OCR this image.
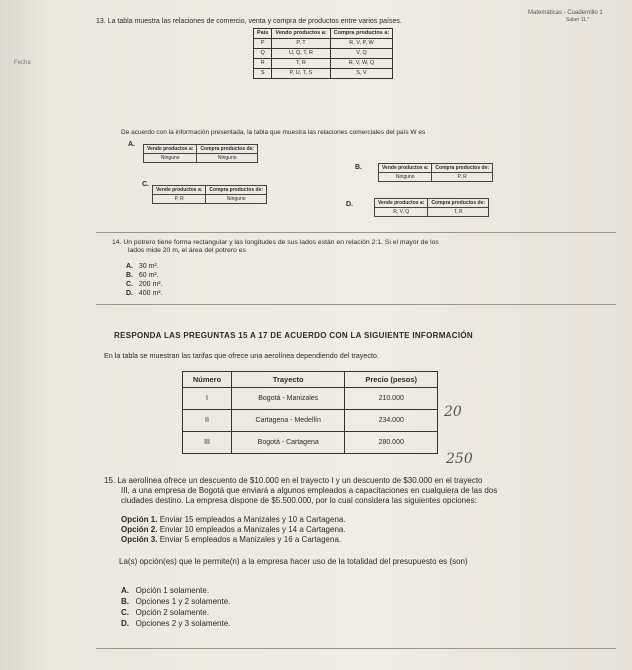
Matemáticas - Cuadernillo 1
Saber 11.°
Fecha
13. La tabla muestra las relaciones de comercio, venta y compra de productos entre varios países.
País	Vendo productos a:	Compra productos a:
P	P, T	R, V, P, W
Q	U, Q, T, R	V, Q
R	T, R	R, V, W, Q
S	P, U, T, S	S, V
De acuerdo con la información presentada, la tabla que muestra las relaciones comerciales del país W es
A.
Vende productos a:	Compra productos de:
Ninguno	Ninguno
B.	Vende productos a:	Compra productos de:
Ninguno	P, R
C.
Vende productos a:	Compra productos de:
P, R	Ninguno
D.	Vende productos a:	Compra productos de:
R, V, Q	T, R
14. Un potrero tiene forma rectangular y las longitudes de sus lados están en relación 2:1. Si el mayor de los
lados mide 20 m, el área del potrero es
A. 30 m².
B. 60 m².
C. 200 m².
D. 400 m².
RESPONDA LAS PREGUNTAS 15 A 17 DE ACUERDO CON LA SIGUIENTE INFORMACIÓN
En la tabla se muestran las tarifas que ofrece una aerolínea dependiendo del trayecto.
Número	Trayecto	Precio (pesos)
I	Bogotá - Manizales	210.000
II	Cartagena - Medellín	234.000
III	Bogotá - Cartagena	280.000
20
250
15. La aerolínea ofrece un descuento de $10.000 en el trayecto I y un descuento de $30.000 en el trayecto
III, a una empresa de Bogotá que enviará a algunos empleados a capacitaciones en cualquiera de las dos
ciudades destino. La empresa dispone de $5.500.000, por lo cual considera las siguientes opciones:
Opción 1. Enviar 15 empleados a Manizales y 10 a Cartagena.
Opción 2. Enviar 10 empleados a Manizales y 14 a Cartagena.
Opción 3. Enviar 5 empleados a Manizales y 16 a Cartagena.
La(s) opción(es) que le permite(n) a la empresa hacer uso de la totalidad del presupuesto es (son)
A. Opción 1 solamente.
B. Opciones 1 y 2 solamente.
C. Opción 2 solamente.
D. Opciones 2 y 3 solamente.
